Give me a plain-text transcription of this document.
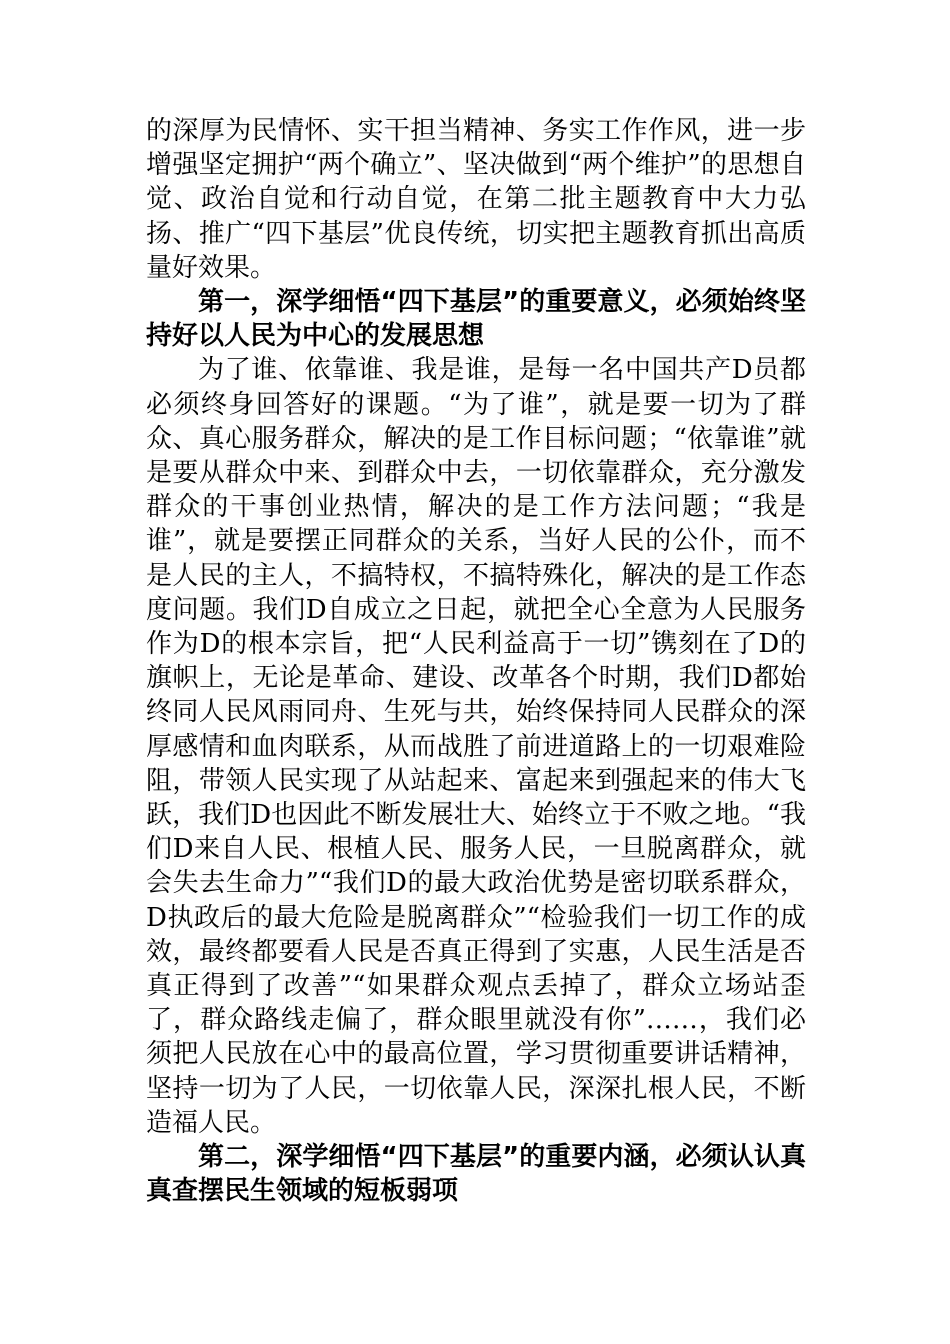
的深厚为民情怀、实干担当精神、务实工作作风，进一步增强坚定拥护“两个确立”、坚决做到“两个维护”的思想自觉、政治自觉和行动自觉，在第二批主题教育中大力弘扬、推广“四下基层”优良传统，切实把主题教育抓出高质量好效果。

第一，深学细悟“四下基层”的重要意义，必须始终坚持好以人民为中心的发展思想

为了谁、依靠谁、我是谁，是每一名中国共产D员都必须终身回答好的课题。“为了谁”，就是要一切为了群众、真心服务群众，解决的是工作目标问题；“依靠谁”就是要从群众中来、到群众中去，一切依靠群众，充分激发群众的干事创业热情，解决的是工作方法问题；“我是谁”，就是要摆正同群众的关系，当好人民的公仆，而不是人民的主人，不搞特权，不搞特殊化，解决的是工作态度问题。我们D自成立之日起，就把全心全意为人民服务作为D的根本宗旨，把“人民利益高于一切”镌刻在了D的旗帜上，无论是革命、建设、改革各个时期，我们D都始终同人民风雨同舟、生死与共，始终保持同人民群众的深厚感情和血肉联系，从而战胜了前进道路上的一切艰难险阻，带领人民实现了从站起来、富起来到强起来的伟大飞跃，我们D也因此不断发展壮大、始终立于不败之地。“我们D来自人民、根植人民、服务人民，一旦脱离群众，就会失去生命力”“我们D的最大政治优势是密切联系群众，D执政后的最大危险是脱离群众”“检验我们一切工作的成效，最终都要看人民是否真正得到了实惠，人民生活是否真正得到了改善”“如果群众观点丢掉了，群众立场站歪了，群众路线走偏了，群众眼里就没有你”……，我们必须把人民放在心中的最高位置，学习贯彻重要讲话精神，坚持一切为了人民，一切依靠人民，深深扎根人民，不断造福人民。

第二，深学细悟“四下基层”的重要内涵，必须认认真真查摆民生领域的短板弱项
